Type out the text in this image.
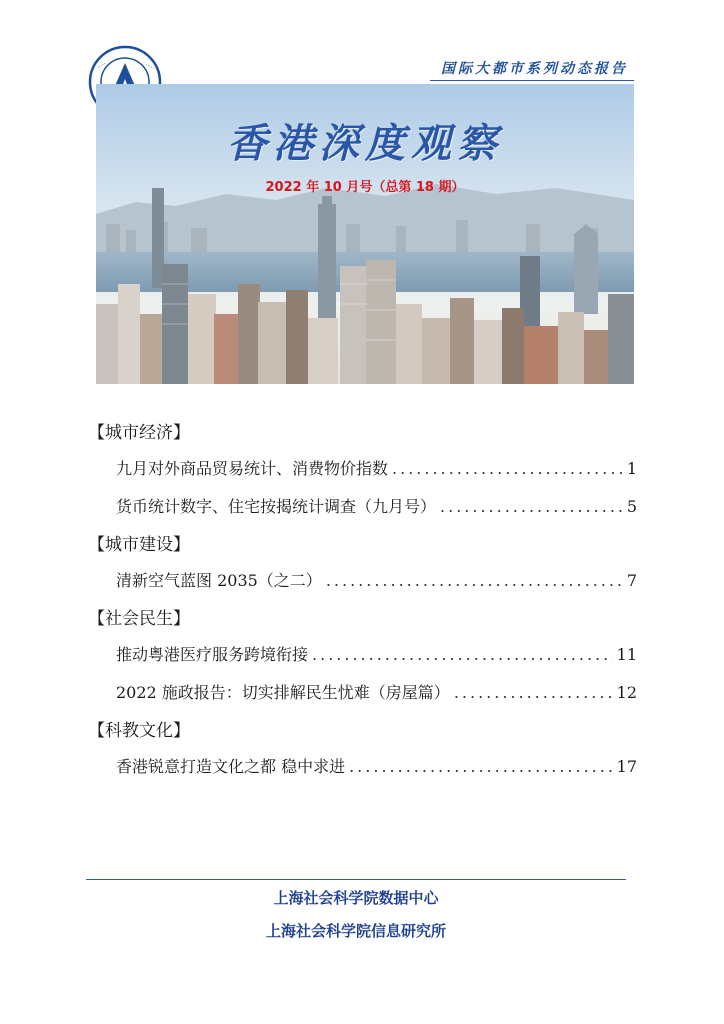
·····	·····	国际大都市系列动态报告
香港深度观察
2022 年 10 月号（总第 18 期）
【城市经济】
九月对外商品贸易统计、消费物价指数 .....	1
货币统计数字、住宅按揭统计调查（九月号） .....	5
【城市建设】
清新空气蓝图 2035（之二） .....	7
【社会民生】
推动粤港医疗服务跨境衔接 .....	11
2022 施政报告：切实排解民生忧难（房屋篇） .....	12
【科教文化】
香港锐意打造文化之都 稳中求进 .....	17
上海社会科学院数据中心
上海社会科学院信息研究所
